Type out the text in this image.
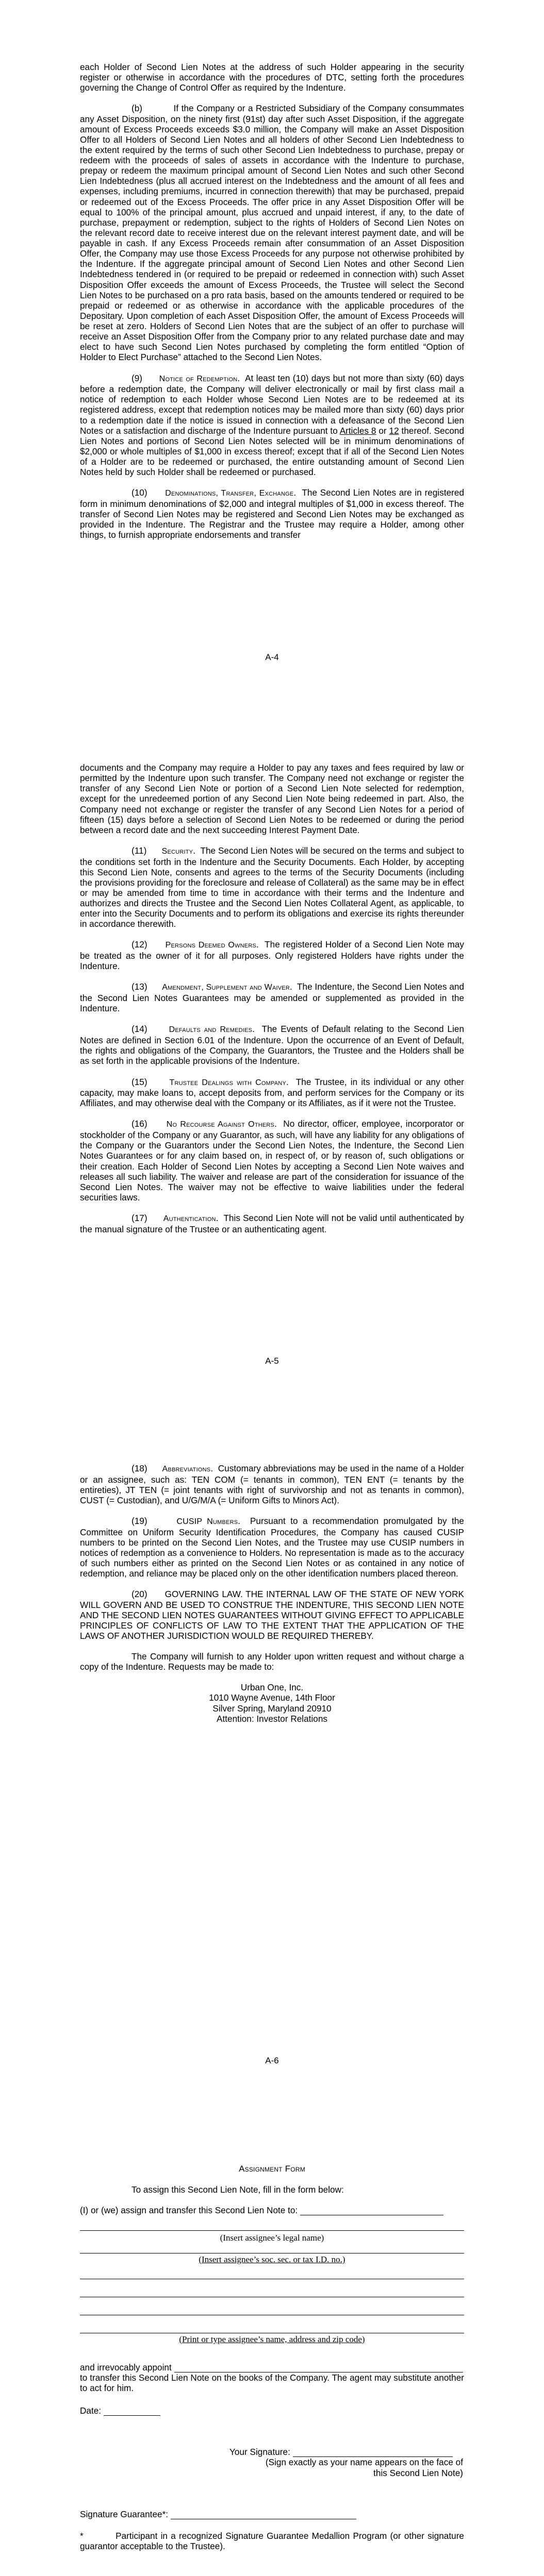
each Holder of Second Lien Notes at the address of such Holder appearing in the security register or otherwise in accordance with the procedures of DTC, setting forth the procedures governing the Change of Control Offer as required by the Indenture.

(b)	If the Company or a Restricted Subsidiary of the Company consummates any Asset Disposition, on the ninety first (91st) day after such Asset Disposition, if the aggregate amount of Excess Proceeds exceeds $3.0 million, the Company will make an Asset Disposition Offer to all Holders of Second Lien Notes and all holders of other Second Lien Indebtedness to the extent required by the terms of such other Second Lien Indebtedness to purchase, prepay or redeem with the proceeds of sales of assets in accordance with the Indenture to purchase, prepay or redeem the maximum principal amount of Second Lien Notes and such other Second Lien Indebtedness (plus all accrued interest on the Indebtedness and the amount of all fees and expenses, including premiums, incurred in connection therewith) that may be purchased, prepaid or redeemed out of the Excess Proceeds. The offer price in any Asset Disposition Offer will be equal to 100% of the principal amount, plus accrued and unpaid interest, if any, to the date of purchase, prepayment or redemption, subject to the rights of Holders of Second Lien Notes on the relevant record date to receive interest due on the relevant interest payment date, and will be payable in cash. If any Excess Proceeds remain after consummation of an Asset Disposition Offer, the Company may use those Excess Proceeds for any purpose not otherwise prohibited by the Indenture. If the aggregate principal amount of Second Lien Notes and other Second Lien Indebtedness tendered in (or required to be prepaid or redeemed in connection with) such Asset Disposition Offer exceeds the amount of Excess Proceeds, the Trustee will select the Second Lien Notes to be purchased on a pro rata basis, based on the amounts tendered or required to be prepaid or redeemed or as otherwise in accordance with the applicable procedures of the Depositary. Upon completion of each Asset Disposition Offer, the amount of Excess Proceeds will be reset at zero. Holders of Second Lien Notes that are the subject of an offer to purchase will receive an Asset Disposition Offer from the Company prior to any related purchase date and may elect to have such Second Lien Notes purchased by completing the form entitled “Option of Holder to Elect Purchase” attached to the Second Lien Notes.

(9) Notice of Redemption.  At least ten (10) days but not more than sixty (60) days before a redemption date, the Company will deliver electronically or mail by first class mail a notice of redemption to each Holder whose Second Lien Notes are to be redeemed at its registered address, except that redemption notices may be mailed more than sixty (60) days prior to a redemption date if the notice is issued in connection with a defeasance of the Second Lien Notes or a satisfaction and discharge of the Indenture pursuant to Articles 8 or 12 thereof. Second Lien Notes and portions of Second Lien Notes selected will be in minimum denominations of $2,000 or whole multiples of $1,000 in excess thereof; except that if all of the Second Lien Notes of a Holder are to be redeemed or purchased, the entire outstanding amount of Second Lien Notes held by such Holder shall be redeemed or purchased.

(10) Denominations, Transfer, Exchange.  The Second Lien Notes are in registered form in minimum denominations of $2,000 and integral multiples of $1,000 in excess thereof. The transfer of Second Lien Notes may be registered and Second Lien Notes may be exchanged as provided in the Indenture. The Registrar and the Trustee may require a Holder, among other things, to furnish appropriate endorsements and transfer

A-4

documents and the Company may require a Holder to pay any taxes and fees required by law or permitted by the Indenture upon such transfer. The Company need not exchange or register the transfer of any Second Lien Note or portion of a Second Lien Note selected for redemption, except for the unredeemed portion of any Second Lien Note being redeemed in part. Also, the Company need not exchange or register the transfer of any Second Lien Notes for a period of fifteen (15) days before a selection of Second Lien Notes to be redeemed or during the period between a record date and the next succeeding Interest Payment Date.

(11) Security.  The Second Lien Notes will be secured on the terms and subject to the conditions set forth in the Indenture and the Security Documents. Each Holder, by accepting this Second Lien Note, consents and agrees to the terms of the Security Documents (including the provisions providing for the foreclosure and release of Collateral) as the same may be in effect or may be amended from time to time in accordance with their terms and the Indenture and authorizes and directs the Trustee and the Second Lien Notes Collateral Agent, as applicable, to enter into the Security Documents and to perform its obligations and exercise its rights thereunder in accordance therewith.

(12) Persons Deemed Owners.  The registered Holder of a Second Lien Note may be treated as the owner of it for all purposes. Only registered Holders have rights under the Indenture.

(13) Amendment, Supplement and Waiver.  The Indenture, the Second Lien Notes and the Second Lien Notes Guarantees may be amended or supplemented as provided in the Indenture.

(14)	Defaults and Remedies.  The Events of Default relating to the Second Lien Notes are defined in Section 6.01 of the Indenture. Upon the occurrence of an Event of Default, the rights and obligations of the Company, the Guarantors, the Trustee and the Holders shall be as set forth in the applicable provisions of the Indenture.

(15)	Trustee Dealings with Company.  The Trustee, in its individual or any other capacity, may make loans to, accept deposits from, and perform services for the Company or its Affiliates, and may otherwise deal with the Company or its Affiliates, as if it were not the Trustee.

(16) No Recourse Against Others.  No director, officer, employee, incorporator or stockholder of the Company or any Guarantor, as such, will have any liability for any obligations of the Company or the Guarantors under the Second Lien Notes, the Indenture, the Second Lien Notes Guarantees or for any claim based on, in respect of, or by reason of, such obligations or their creation. Each Holder of Second Lien Notes by accepting a Second Lien Note waives and releases all such liability. The waiver and release are part of the consideration for issuance of the Second Lien Notes. The waiver may not be effective to waive liabilities under the federal securities laws.

(17) Authentication.  This Second Lien Note will not be valid until authenticated by the manual signature of the Trustee or an authenticating agent.

A-5

(18) Abbreviations.  Customary abbreviations may be used in the name of a Holder or an assignee, such as: TEN COM (= tenants in common), TEN ENT (= tenants by the entireties), JT TEN (= joint tenants with right of survivorship and not as tenants in common), CUST (= Custodian), and U/G/M/A (= Uniform Gifts to Minors Act).

(19)	CUSIP Numbers.  Pursuant to a recommendation promulgated by the Committee on Uniform Security Identification Procedures, the Company has caused CUSIP numbers to be printed on the Second Lien Notes, and the Trustee may use CUSIP numbers in notices of redemption as a convenience to Holders. No representation is made as to the accuracy of such numbers either as printed on the Second Lien Notes or as contained in any notice of redemption, and reliance may be placed only on the other identification numbers placed thereon.

(20) GOVERNING LAW. THE INTERNAL LAW OF THE STATE OF NEW YORK WILL GOVERN AND BE USED TO CONSTRUE THE INDENTURE, THIS SECOND LIEN NOTE AND THE SECOND LIEN NOTES GUARANTEES WITHOUT GIVING EFFECT TO APPLICABLE PRINCIPLES OF CONFLICTS OF LAW TO THE EXTENT THAT THE APPLICATION OF THE LAWS OF ANOTHER JURISDICTION WOULD BE REQUIRED THEREBY.

The Company will furnish to any Holder upon written request and without charge a copy of the Indenture. Requests may be made to:

Urban One, Inc.
1010 Wayne Avenue, 14th Floor
Silver Spring, Maryland 20910
Attention: Investor Relations
A-6
Assignment Form
To assign this Second Lien Note, fill in the form below:
(I) or (we) assign and transfer this Second Lien Note to:
(Insert assignee’s legal name)
(Insert assignee’s soc. sec. or tax I.D. no.)
(Print or type assignee’s name, address and zip code)
and irrevocably appoint

to transfer this Second Lien Note on the books of the Company. The agent may substitute another to act for him.

Date:
Your Signature:
(Sign exactly as your name appears on the face of
this Second Lien Note)
Signature Guarantee*:

*	Participant in a recognized Signature Guarantee Medallion Program (or other signature guarantor acceptable to the Trustee).
